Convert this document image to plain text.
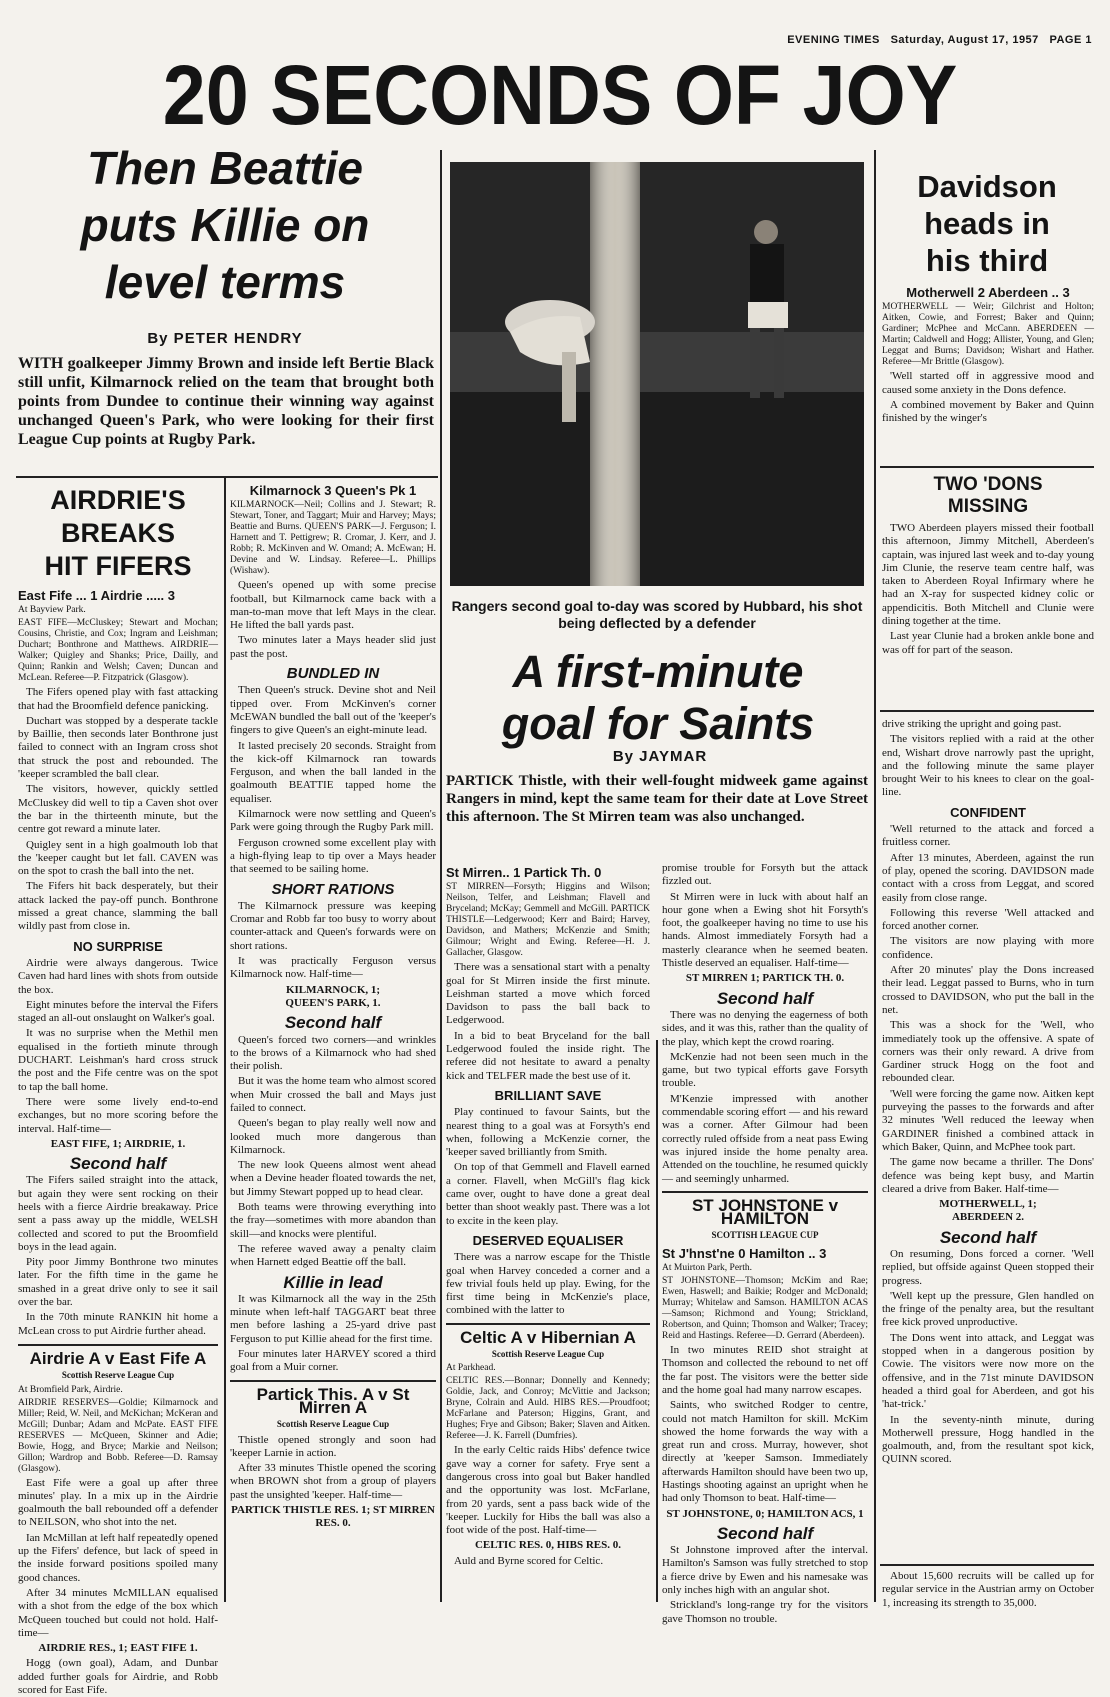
EVENING TIMES Saturday, August 17, 1957 PAGE 1
20 SECONDS OF JOY
Then Beattie
puts Killie on
level terms
By PETER HENDRY
WITH goalkeeper Jimmy Brown and inside left Bertie Black still unfit, Kilmarnock relied on the team that brought both points from Dundee to continue their winning way against unchanged Queen's Park, who were looking for their first League Cup points at Rugby Park.
AIRDRIE'S
BREAKS
HIT FIFERS

East Fife ... 1 Airdrie ..... 3

At Bayview Park.

EAST FIFE—McCluskey; Stewart and Mochan; Cousins, Christie, and Cox; Ingram and Leishman; Duchart; Bonthrone and Matthews. AIRDRIE—Walker; Quigley and Shanks; Price, Dailly, and Quinn; Rankin and Welsh; Caven; Duncan and McLean. Referee—P. Fitzpatrick (Glasgow).

The Fifers opened play with fast attacking that had the Broomfield defence panicking.

Duchart was stopped by a desperate tackle by Baillie, then seconds later Bonthrone just failed to connect with an Ingram cross shot that struck the post and rebounded. The 'keeper scrambled the ball clear.

The visitors, however, quickly settled McCluskey did well to tip a Caven shot over the bar in the thirteenth minute, but the centre got reward a minute later.

Quigley sent in a high goalmouth lob that the 'keeper caught but let fall. CAVEN was on the spot to crash the ball into the net.

The Fifers hit back desperately, but their attack lacked the pay-off punch. Bonthrone missed a great chance, slamming the ball wildly past from close in.

NO SURPRISE

Airdrie were always dangerous. Twice Caven had hard lines with shots from outside the box.

Eight minutes before the interval the Fifers staged an all-out onslaught on Walker's goal.

It was no surprise when the Methil men equalised in the fortieth minute through DUCHART. Leishman's hard cross struck the post and the Fife centre was on the spot to tap the ball home.

There were some lively end-to-end exchanges, but no more scoring before the interval. Half-time—

EAST FIFE, 1; AIRDRIE, 1.

Second half

The Fifers sailed straight into the attack, but again they were sent rocking on their heels with a fierce Airdrie breakaway. Price sent a pass away up the middle, WELSH collected and scored to put the Broomfield boys in the lead again.

Pity poor Jimmy Bonthrone two minutes later. For the fifth time in the game he smashed in a great drive only to see it sail over the bar.

In the 70th minute RANKIN hit home a McLean cross to put Airdrie further ahead.

Airdrie A v East Fife A

Scottish Reserve League Cup

At Bromfield Park, Airdrie.

AIRDRIE RESERVES—Goldie; Kilmarnock and Miller; Reid, W. Neil, and McKichan; McKeran and McGill; Dunbar; Adam and McPate. EAST FIFE RESERVES — McQueen, Skinner and Adie; Bowie, Hogg, and Bryce; Markie and Neilson; Gillon; Wardrop and Bobb. Referee—D. Ramsay (Glasgow).

East Fife were a goal up after three minutes' play. In a mix up in the Airdrie goalmouth the ball rebounded off a defender to NEILSON, who shot into the net.

Ian McMillan at left half repeatedly opened up the Fifers' defence, but lack of speed in the inside forward positions spoiled many good chances.

After 34 minutes McMILLAN equalised with a shot from the edge of the box which McQueen touched but could not hold. Half-time—

AIRDRIE RES., 1; EAST FIFE 1.

Hogg (own goal), Adam, and Dunbar added further goals for Airdrie, and Robb scored for East Fife.

Kilmarnock 3 Queen's Pk 1

KILMARNOCK—Neil; Collins and J. Stewart; R. Stewart, Toner, and Taggart; Muir and Harvey; Mays; Beattie and Burns. QUEEN'S PARK—J. Ferguson; I. Harnett and T. Pettigrew; R. Cromar, J. Kerr, and J. Robb; R. McKinven and W. Omand; A. McEwan; H. Devine and W. Lindsay. Referee—L. Phillips (Wishaw).

Queen's opened up with some precise football, but Kilmarnock came back with a man-to-man move that left Mays in the clear. He lifted the ball yards past.

Two minutes later a Mays header slid just past the post.

BUNDLED IN

Then Queen's struck. Devine shot and Neil tipped over. From McKinven's corner McEWAN bundled the ball out of the 'keeper's fingers to give Queen's an eight-minute lead.

It lasted precisely 20 seconds. Straight from the kick-off Kilmarnock ran towards Ferguson, and when the ball landed in the goalmouth BEATTIE tapped home the equaliser.

Kilmarnock were now settling and Queen's Park were going through the Rugby Park mill.

Ferguson crowned some excellent play with a high-flying leap to tip over a Mays header that seemed to be sailing home.

SHORT RATIONS

The Kilmarnock pressure was keeping Cromar and Robb far too busy to worry about counter-attack and Queen's forwards were on short rations.

It was practically Ferguson versus Kilmarnock now. Half-time—

KILMARNOCK, 1;

QUEEN'S PARK, 1.

Second half

Queen's forced two corners—and wrinkles to the brows of a Kilmarnock who had shed their polish.

But it was the home team who almost scored when Muir crossed the ball and Mays just failed to connect.

Queen's began to play really well now and looked much more dangerous than Kilmarnock.

The new look Queens almost went ahead when a Devine header floated towards the net, but Jimmy Stewart popped up to head clear.

Both teams were throwing everything into the fray—sometimes with more abandon than skill—and knocks were plentiful.

The referee waved away a penalty claim when Harnett edged Beattie off the ball.

Killie in lead

It was Kilmarnock all the way in the 25th minute when left-half TAGGART beat three men before lashing a 25-yard drive past Ferguson to put Killie ahead for the first time.

Four minutes later HARVEY scored a third goal from a Muir corner.

Partick This. A v St Mirren A

Scottish Reserve League Cup

Thistle opened strongly and soon had 'keeper Larnie in action.

After 33 minutes Thistle opened the scoring when BROWN shot from a group of players past the unsighted 'keeper. Half-time—

PARTICK THISTLE RES. 1; ST MIRREN RES. 0.

Rangers second goal to-day was scored by Hubbard, his shot being deflected by a defender
A first-minute
goal for Saints
By JAYMAR
PARTICK Thistle, with their well-fought midweek game against Rangers in mind, kept the same team for their date at Love Street this afternoon. The St Mirren team was also unchanged.

St Mirren.. 1 Partick Th. 0

ST MIRREN—Forsyth; Higgins and Wilson; Neilson, Telfer, and Leishman; Flavell and Bryceland; McKay; Gemmell and McGill. PARTICK THISTLE—Ledgerwood; Kerr and Baird; Harvey, Davidson, and Mathers; McKenzie and Smith; Gilmour; Wright and Ewing. Referee—H. J. Gallacher, Glasgow.

There was a sensational start with a penalty goal for St Mirren inside the first minute. Leishman started a move which forced Davidson to pass the ball back to Ledgerwood.

In a bid to beat Bryceland for the ball Ledgerwood fouled the inside right. The referee did not hesitate to award a penalty kick and TELFER made the best use of it.

BRILLIANT SAVE

Play continued to favour Saints, but the nearest thing to a goal was at Forsyth's end when, following a McKenzie corner, the 'keeper saved brilliantly from Smith.

On top of that Gemmell and Flavell earned a corner. Flavell, when McGill's flag kick came over, ought to have done a great deal better than shoot weakly past. There was a lot to excite in the keen play.

DESERVED EQUALISER

There was a narrow escape for the Thistle goal when Harvey conceded a corner and a few trivial fouls held up play. Ewing, for the first time being in McKenzie's place, combined with the latter to

Celtic A v Hibernian A

Scottish Reserve League Cup

At Parkhead.

CELTIC RES.—Bonnar; Donnelly and Kennedy; Goldie, Jack, and Conroy; McVittie and Jackson; Bryne, Colrain and Auld. HIBS RES.—Proudfoot; McFarlane and Paterson; Higgins, Grant, and Hughes; Frye and Gibson; Baker; Slaven and Aitken. Referee—J. K. Farrell (Dumfries).

In the early Celtic raids Hibs' defence twice gave way a corner for safety. Frye sent a dangerous cross into goal but Baker handled and the opportunity was lost. McFarlane, from 20 yards, sent a pass back wide of the 'keeper. Luckily for Hibs the ball was also a foot wide of the post. Half-time—

CELTIC RES. 0, HIBS RES. 0.

Auld and Byrne scored for Celtic.

promise trouble for Forsyth but the attack fizzled out.

St Mirren were in luck with about half an hour gone when a Ewing shot hit Forsyth's foot, the goalkeeper having no time to use his hands. Almost immediately Forsyth had a masterly clearance when he seemed beaten. Thistle deserved an equaliser. Half-time—

ST MIRREN 1; PARTICK TH. 0.

Second half

There was no denying the eagerness of both sides, and it was this, rather than the quality of the play, which kept the crowd roaring.

McKenzie had not been seen much in the game, but two typical efforts gave Forsyth trouble.

M'Kenzie impressed with another commendable scoring effort — and his reward was a corner. After Gilmour had been correctly ruled offside from a neat pass Ewing was injured inside the home penalty area. Attended on the touchline, he resumed quickly — and seemingly unharmed.

ST JOHNSTONE v HAMILTON

SCOTTISH LEAGUE CUP

St J'hnst'ne 0 Hamilton .. 3

At Muirton Park, Perth.

ST JOHNSTONE—Thomson; McKim and Rae; Ewen, Haswell; and Baikie; Rodger and McDonald; Murray; Whitelaw and Samson. HAMILTON ACAS—Samson; Richmond and Young; Strickland, Robertson, and Quinn; Thomson and Walker; Tracey; Reid and Hastings. Referee—D. Gerrard (Aberdeen).

In two minutes REID shot straight at Thomson and collected the rebound to net off the far post. The visitors were the better side and the home goal had many narrow escapes.

Saints, who switched Rodger to centre, could not match Hamilton for skill. McKim showed the home forwards the way with a great run and cross. Murray, however, shot directly at 'keeper Samson. Immediately afterwards Hamilton should have been two up, Hastings shooting against an upright when he had only Thomson to beat. Half-time—

ST JOHNSTONE, 0; HAMILTON ACS, 1

Second half

St Johnstone improved after the interval. Hamilton's Samson was fully stretched to stop a fierce drive by Ewen and his namesake was only inches high with an angular shot.

Strickland's long-range try for the visitors gave Thomson no trouble.

Davidson
heads in
his third

Motherwell 2 Aberdeen .. 3

MOTHERWELL — Weir; Gilchrist and Holton; Aitken, Cowie, and Forrest; Baker and Quinn; Gardiner; McPhee and McCann. ABERDEEN — Martin; Caldwell and Hogg; Allister, Young, and Glen; Leggat and Burns; Davidson; Wishart and Hather. Referee—Mr Brittle (Glasgow).

'Well started off in aggressive mood and caused some anxiety in the Dons defence.

A combined movement by Baker and Quinn finished by the winger's

TWO 'DONS
MISSING

TWO Aberdeen players missed their football this afternoon, Jimmy Mitchell, Aberdeen's captain, was injured last week and to-day young Jim Clunie, the reserve team centre half, was taken to Aberdeen Royal Infirmary where he had an X-ray for suspected kidney colic or appendicitis. Both Mitchell and Clunie were dining together at the time.

Last year Clunie had a broken ankle bone and was off for part of the season.

drive striking the upright and going past.

The visitors replied with a raid at the other end, Wishart drove narrowly past the upright, and the following minute the same player brought Weir to his knees to clear on the goal-line.

CONFIDENT

'Well returned to the attack and forced a fruitless corner.

After 13 minutes, Aberdeen, against the run of play, opened the scoring. DAVIDSON made contact with a cross from Leggat, and scored easily from close range.

Following this reverse 'Well attacked and forced another corner.

The visitors are now playing with more confidence.

After 20 minutes' play the Dons increased their lead. Leggat passed to Burns, who in turn crossed to DAVIDSON, who put the ball in the net.

This was a shock for the 'Well, who immediately took up the offensive. A spate of corners was their only reward. A drive from Gardiner struck Hogg on the foot and rebounded clear.

'Well were forcing the game now. Aitken kept purveying the passes to the forwards and after 32 minutes 'Well reduced the leeway when GARDINER finished a combined attack in which Baker, Quinn, and McPhee took part.

The game now became a thriller. The Dons' defence was being kept busy, and Martin cleared a drive from Baker. Half-time—

MOTHERWELL, 1;

ABERDEEN 2.

Second half

On resuming, Dons forced a corner. 'Well replied, but offside against Queen stopped their progress.

'Well kept up the pressure, Glen handled on the fringe of the penalty area, but the resultant free kick proved unproductive.

The Dons went into attack, and Leggat was stopped when in a dangerous position by Cowie. The visitors were now more on the offensive, and in the 71st minute DAVIDSON headed a third goal for Aberdeen, and got his 'hat-trick.'

In the seventy-ninth minute, during Motherwell pressure, Hogg handled in the goalmouth, and, from the resultant spot kick, QUINN scored.

About 15,600 recruits will be called up for regular service in the Austrian army on October 1, increasing its strength to 35,000.
